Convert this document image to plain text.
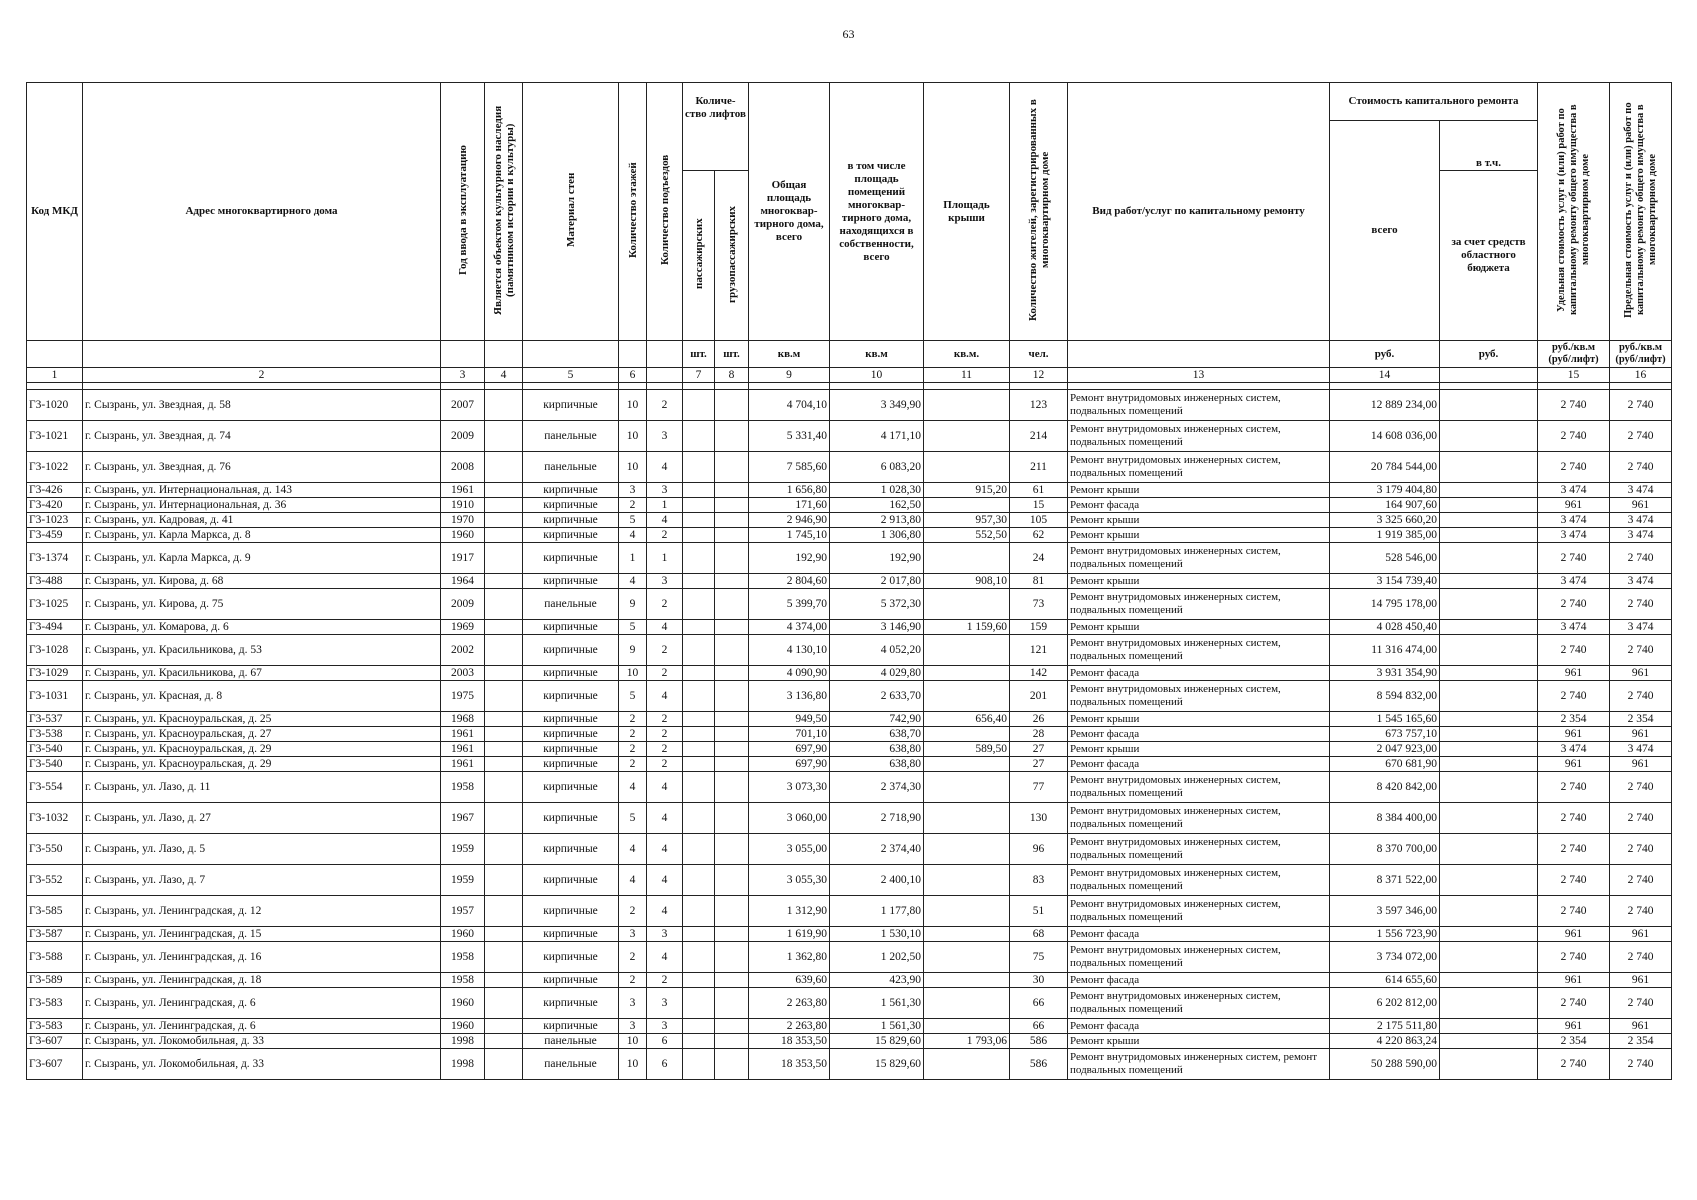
63
Код МКД	Адрес многоквартирного дома	Год ввода в эксплуатацию	Является объектом культурного наследия (памятником истории и культуры)	Материал стен	Количество этажей	Количество подъездов	Количе-ство лифтов		Общая площадь многоквар-тирного дома, всего	в том числе площадь помещений многоквар-тирного дома, находящихся в собственности, всего	Площадь крыши	Количество жителей, зарегистрированных в многоквартирном доме	Вид работ/услуг по капитальному ремонту	Стоимость капитального ремонта		Удельная стоимость услуг и (или) работ по капитальному ремонту общего имущества в многоквартирном доме	Предельная стоимость услуг и (или) работ по капитальному ремонту общего имущества в многоквартирном доме
														всего	в т.ч.		
							пассажирских	грузопассажирских							за счет средств областного бюджета		
							шт.	шт.	кв.м	кв.м	кв.м.	чел.		руб.	руб.	руб./кв.м (руб/лифт)	руб./кв.м (руб/лифт)
1	2	3	4	5	6		7	8	9	10	11	12	13	14		15	16

Г3-1020	г. Сызрань, ул. Звездная, д. 58	2007		кирпичные	10	2			4 704,10	3 349,90		123	Ремонт внутридомовых инженерных систем, подвальных помещений	12 889 234,00		2 740	2 740
Г3-1021	г. Сызрань, ул. Звездная, д. 74	2009		панельные	10	3			5 331,40	4 171,10		214	Ремонт внутридомовых инженерных систем, подвальных помещений	14 608 036,00		2 740	2 740
Г3-1022	г. Сызрань, ул. Звездная, д. 76	2008		панельные	10	4			7 585,60	6 083,20		211	Ремонт внутридомовых инженерных систем, подвальных помещений	20 784 544,00		2 740	2 740
Г3-426	г. Сызрань, ул. Интернациональная, д. 143	1961		кирпичные	3	3			1 656,80	1 028,30	915,20	61	Ремонт крыши	3 179 404,80		3 474	3 474
Г3-420	г. Сызрань, ул. Интернациональная, д. 36	1910		кирпичные	2	1			171,60	162,50		15	Ремонт фасада	164 907,60		961	961
Г3-1023	г. Сызрань, ул. Кадровая, д. 41	1970		кирпичные	5	4			2 946,90	2 913,80	957,30	105	Ремонт крыши	3 325 660,20		3 474	3 474
Г3-459	г. Сызрань, ул. Карла Маркса, д. 8	1960		кирпичные	4	2			1 745,10	1 306,80	552,50	62	Ремонт крыши	1 919 385,00		3 474	3 474
Г3-1374	г. Сызрань, ул. Карла Маркса, д. 9	1917		кирпичные	1	1			192,90	192,90		24	Ремонт внутридомовых инженерных систем, подвальных помещений	528 546,00		2 740	2 740
Г3-488	г. Сызрань, ул. Кирова, д. 68	1964		кирпичные	4	3			2 804,60	2 017,80	908,10	81	Ремонт крыши	3 154 739,40		3 474	3 474
Г3-1025	г. Сызрань, ул. Кирова, д. 75	2009		панельные	9	2			5 399,70	5 372,30		73	Ремонт внутридомовых инженерных систем, подвальных помещений	14 795 178,00		2 740	2 740
Г3-494	г. Сызрань, ул. Комарова, д. 6	1969		кирпичные	5	4			4 374,00	3 146,90	1 159,60	159	Ремонт крыши	4 028 450,40		3 474	3 474
Г3-1028	г. Сызрань, ул. Красильникова, д. 53	2002		кирпичные	9	2			4 130,10	4 052,20		121	Ремонт внутридомовых инженерных систем, подвальных помещений	11 316 474,00		2 740	2 740
Г3-1029	г. Сызрань, ул. Красильникова, д. 67	2003		кирпичные	10	2			4 090,90	4 029,80		142	Ремонт фасада	3 931 354,90		961	961
Г3-1031	г. Сызрань, ул. Красная, д. 8	1975		кирпичные	5	4			3 136,80	2 633,70		201	Ремонт внутридомовых инженерных систем, подвальных помещений	8 594 832,00		2 740	2 740
Г3-537	г. Сызрань, ул. Красноуральская, д. 25	1968		кирпичные	2	2			949,50	742,90	656,40	26	Ремонт крыши	1 545 165,60		2 354	2 354
Г3-538	г. Сызрань, ул. Красноуральская, д. 27	1961		кирпичные	2	2			701,10	638,70		28	Ремонт фасада	673 757,10		961	961
Г3-540	г. Сызрань, ул. Красноуральская, д. 29	1961		кирпичные	2	2			697,90	638,80	589,50	27	Ремонт крыши	2 047 923,00		3 474	3 474
Г3-540	г. Сызрань, ул. Красноуральская, д. 29	1961		кирпичные	2	2			697,90	638,80		27	Ремонт фасада	670 681,90		961	961
Г3-554	г. Сызрань, ул. Лазо, д. 11	1958		кирпичные	4	4			3 073,30	2 374,30		77	Ремонт внутридомовых инженерных систем, подвальных помещений	8 420 842,00		2 740	2 740
Г3-1032	г. Сызрань, ул. Лазо, д. 27	1967		кирпичные	5	4			3 060,00	2 718,90		130	Ремонт внутридомовых инженерных систем, подвальных помещений	8 384 400,00		2 740	2 740
Г3-550	г. Сызрань, ул. Лазо, д. 5	1959		кирпичные	4	4			3 055,00	2 374,40		96	Ремонт внутридомовых инженерных систем, подвальных помещений	8 370 700,00		2 740	2 740
Г3-552	г. Сызрань, ул. Лазо, д. 7	1959		кирпичные	4	4			3 055,30	2 400,10		83	Ремонт внутридомовых инженерных систем, подвальных помещений	8 371 522,00		2 740	2 740
Г3-585	г. Сызрань, ул. Ленинградская, д. 12	1957		кирпичные	2	4			1 312,90	1 177,80		51	Ремонт внутридомовых инженерных систем, подвальных помещений	3 597 346,00		2 740	2 740
Г3-587	г. Сызрань, ул. Ленинградская, д. 15	1960		кирпичные	3	3			1 619,90	1 530,10		68	Ремонт фасада	1 556 723,90		961	961
Г3-588	г. Сызрань, ул. Ленинградская, д. 16	1958		кирпичные	2	4			1 362,80	1 202,50		75	Ремонт внутридомовых инженерных систем, подвальных помещений	3 734 072,00		2 740	2 740
Г3-589	г. Сызрань, ул. Ленинградская, д. 18	1958		кирпичные	2	2			639,60	423,90		30	Ремонт фасада	614 655,60		961	961
Г3-583	г. Сызрань, ул. Ленинградская, д. 6	1960		кирпичные	3	3			2 263,80	1 561,30		66	Ремонт внутридомовых инженерных систем, подвальных помещений	6 202 812,00		2 740	2 740
Г3-583	г. Сызрань, ул. Ленинградская, д. 6	1960		кирпичные	3	3			2 263,80	1 561,30		66	Ремонт фасада	2 175 511,80		961	961
Г3-607	г. Сызрань, ул. Локомобильная, д. 33	1998		панельные	10	6			18 353,50	15 829,60	1 793,06	586	Ремонт крыши	4 220 863,24		2 354	2 354
Г3-607	г. Сызрань, ул. Локомобильная, д. 33	1998		панельные	10	6			18 353,50	15 829,60		586	Ремонт внутридомовых инженерных систем, ремонт подвальных помещений	50 288 590,00		2 740	2 740
